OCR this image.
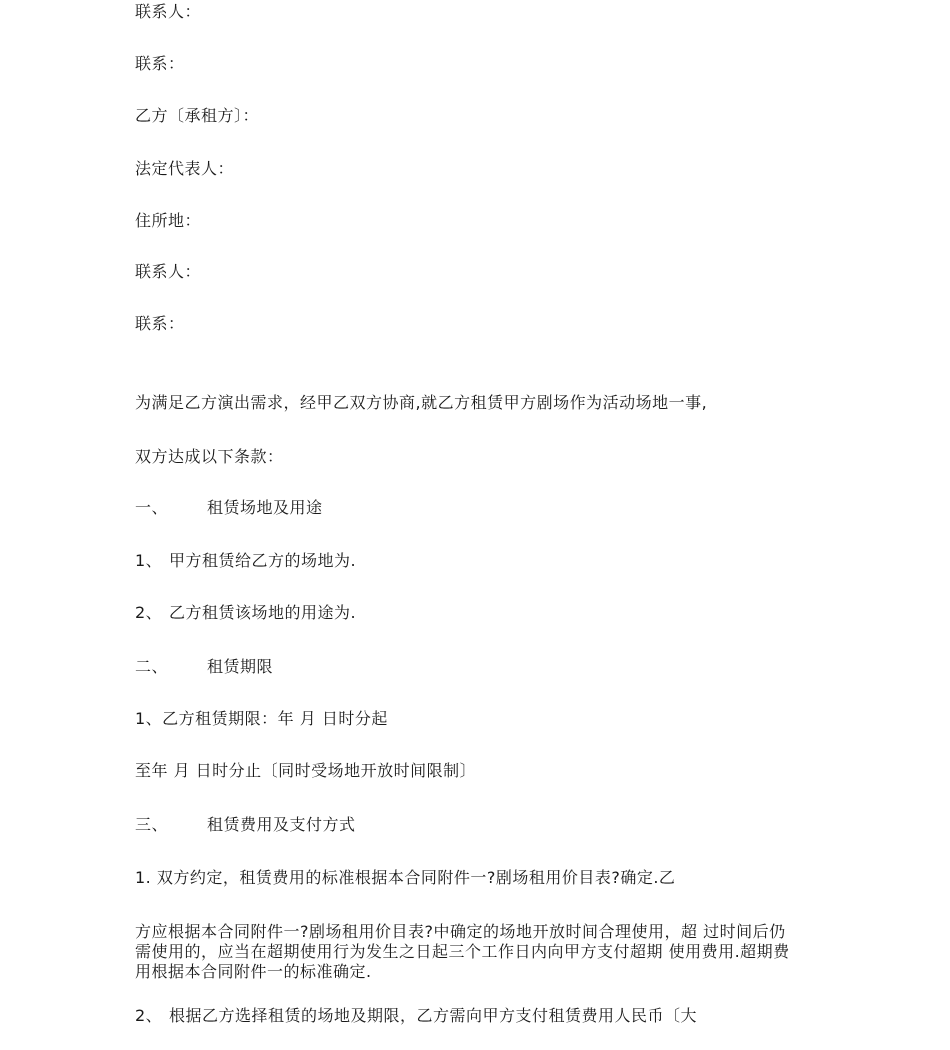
联系人：
联系：
乙方〔承租方〕：
法定代表人：
住所地：
联系人：
联系：
为满足乙方演出需求，经甲乙双方协商,就乙方租赁甲方剧场作为活动场地一事,
双方达成以下条款：
一、 租赁场地及用途
1、 甲方租赁给乙方的场地为.
2、 乙方租赁该场地的用途为.
二、 租赁期限
1、乙方租赁期限：年 月 日时分起
至年 月 日时分止〔同时受场地开放时间限制〕
三、 租赁费用及支付方式
1. 双方约定，租赁费用的标准根据本合同附件一?剧场租用价目表?确定.乙
方应根据本合同附件一?剧场租用价目表?中确定的场地开放时间合理使用，超 过时间后仍需使用的，应当在超期使用行为发生之日起三个工作日内向甲方支付超期 使用费用.超期费用根据本合同附件一的标准确定.
2、 根据乙方选择租赁的场地及期限，乙方需向甲方支付租赁费用人民币〔大
